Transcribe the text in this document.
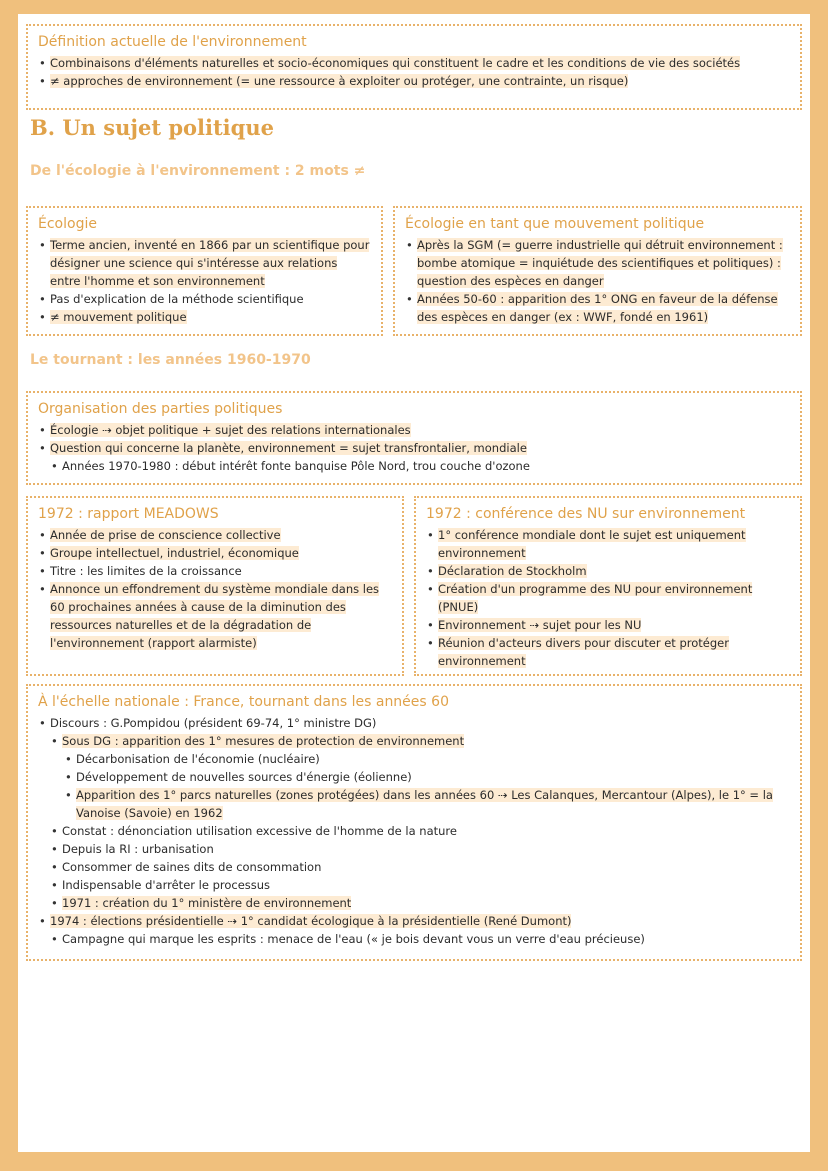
Définition actuelle de l'environnement
• Combinaisons d'éléments naturelles et socio-économiques qui constituent le cadre et les conditions de vie des sociétés
• ≠ approches de environnement (= une ressource à exploiter ou protéger, une contrainte, un risque)
B. Un sujet politique
De l'écologie à l'environnement : 2 mots ≠
Écologie
• Terme ancien, inventé en 1866 par un scientifique pour désigner une science qui s'intéresse aux relations entre l'homme et son environnement
• Pas d'explication de la méthode scientifique
• ≠ mouvement politique
Écologie en tant que mouvement politique
• Après la SGM (= guerre industrielle qui détruit environnement : bombe atomique = inquiétude des scientifiques et politiques) : question des espèces en danger
• Années 50-60 : apparition des 1° ONG en faveur de la défense des espèces en danger (ex : WWF, fondé en 1961)
Le tournant : les années 1960-1970
Organisation des parties politiques
• Écologie ⇢ objet politique + sujet des relations internationales
• Question qui concerne la planète, environnement = sujet transfrontalier, mondiale
• Années 1970-1980 : début intérêt fonte banquise Pôle Nord, trou couche d'ozone
1972 : rapport MEADOWS
• Année de prise de conscience collective
• Groupe intellectuel, industriel, économique
• Titre : les limites de la croissance
• Annonce un effondrement du système mondiale dans les 60 prochaines années à cause de la diminution des ressources naturelles et de la dégradation de l'environnement (rapport alarmiste)
1972 : conférence des NU sur environnement
• 1° conférence mondiale dont le sujet est uniquement environnement
• Déclaration de Stockholm
• Création d'un programme des NU pour environnement (PNUE)
• Environnement ⇢ sujet pour les NU
• Réunion d'acteurs divers pour discuter et protéger environnement
À l'échelle nationale : France, tournant dans les années 60
• Discours : G.Pompidou (président 69-74, 1° ministre DG)
• Sous DG : apparition des 1° mesures de protection de environnement
• Décarbonisation de l'économie (nucléaire)
• Développement de nouvelles sources d'énergie (éolienne)
• Apparition des 1° parcs naturelles (zones protégées) dans les années 60 ⇢ Les Calanques, Mercantour (Alpes), le 1° = la Vanoise (Savoie) en 1962
• Constat : dénonciation utilisation excessive de l'homme de la nature
• Depuis la RI : urbanisation
• Consommer de saines dits de consommation
• Indispensable d'arrêter le processus
• 1971 : création du 1° ministère de environnement
• 1974 : élections présidentielle ⇢ 1° candidat écologique à la présidentielle (René Dumont)
• Campagne qui marque les esprits : menace de l'eau (« je bois devant vous un verre d'eau précieuse)
